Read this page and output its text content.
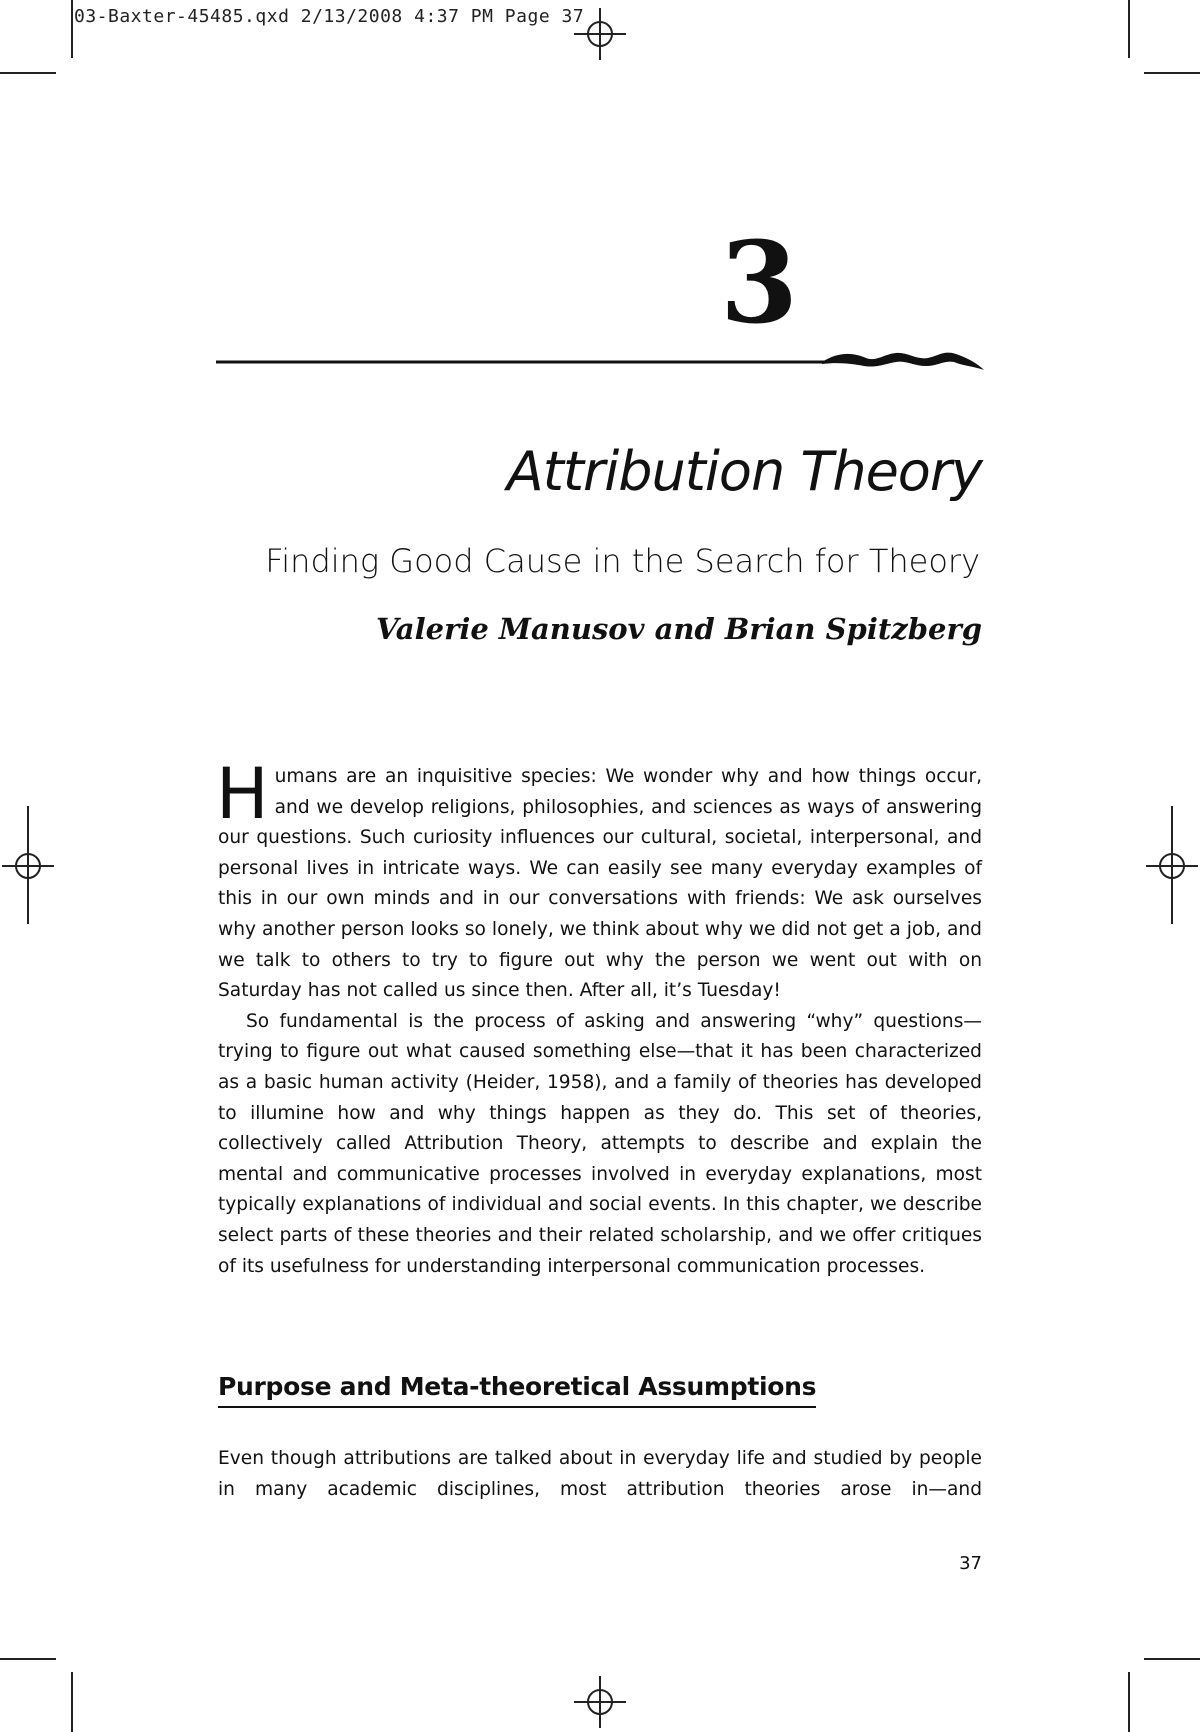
03-Baxter-45485.qxd 2/13/2008 4:37 PM Page 37
3
Attribution Theory
Finding Good Cause in the Search for Theory
Valerie Manusov and Brian Spitzberg

Humans are an inquisitive species: We wonder why and how things occur, and we develop religions, philosophies, and sciences as ways of answering our questions. Such curiosity influences our cultural, societal, interpersonal, and personal lives in intricate ways. We can easily see many everyday examples of this in our own minds and in our conversations with friends: We ask ourselves why another person looks so lonely, we think about why we did not get a job, and we talk to others to try to figure out why the person we went out with on Saturday has not called us since then. After all, it’s Tuesday!

So fundamental is the process of asking and answering “why” questions—trying to figure out what caused something else—that it has been characterized as a basic human activity (Heider, 1958), and a family of theories has developed to illumine how and why things happen as they do. This set of theories, collectively called Attribution Theory, attempts to describe and explain the mental and communicative processes involved in everyday explanations, most typically explanations of individual and social events. In this chapter, we describe select parts of these theories and their related scholarship, and we offer critiques of its usefulness for understanding interpersonal communication processes.

Purpose and Meta-theoretical Assumptions

Even though attributions are talked about in everyday life and studied by people in many academic disciplines, most attribution theories arose in—and

37
